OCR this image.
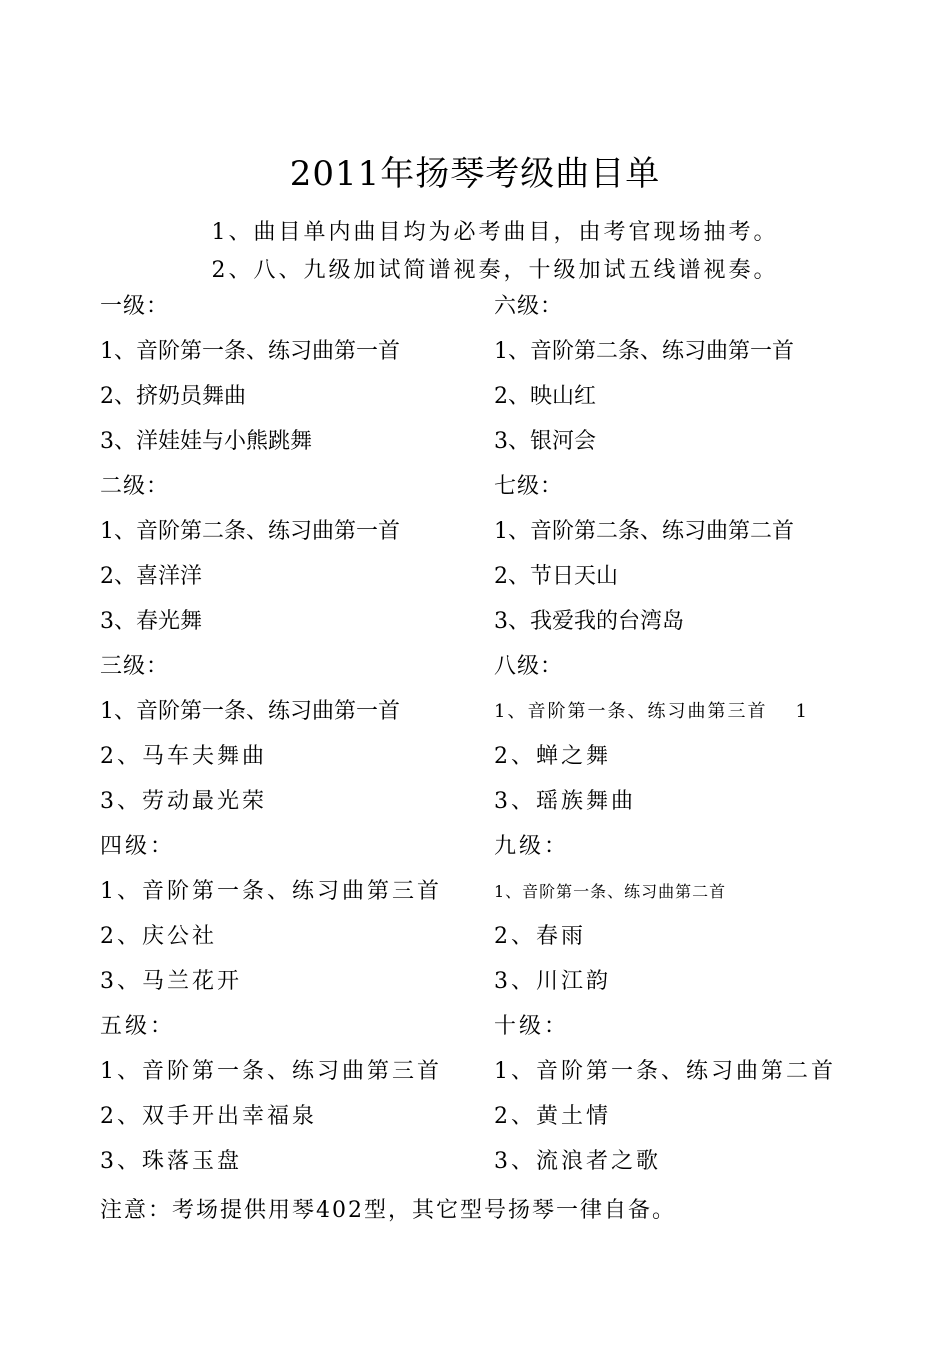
2011年扬琴考级曲目单
1、曲目单内曲目均为必考曲目，由考官现场抽考。
2、八、九级加试简谱视奏，十级加试五线谱视奏。
一级：
1、音阶第一条、练习曲第一首
2、挤奶员舞曲
3、洋娃娃与小熊跳舞
二级：
1、音阶第二条、练习曲第一首
2、喜洋洋
3、春光舞
三级：
1、音阶第一条、练习曲第一首
2、马车夫舞曲
3、劳动最光荣
四级：
1、音阶第一条、练习曲第三首
2、庆公社
3、马兰花开
五级：
1、音阶第一条、练习曲第三首
2、双手开出幸福泉
3、珠落玉盘
六级：
1、音阶第二条、练习曲第一首
2、映山红
3、银河会
七级：
1、音阶第二条、练习曲第二首
2、节日天山
3、我爱我的台湾岛
八级：
1、音阶第一条、练习曲第三首 1
2、蝉之舞
3、瑶族舞曲
九级：
1、音阶第一条、练习曲第二首
2、春雨
3、川江韵
十级：
1、音阶第一条、练习曲第二首
2、黄土情
3、流浪者之歌
注意：考场提供用琴402型，其它型号扬琴一律自备。
